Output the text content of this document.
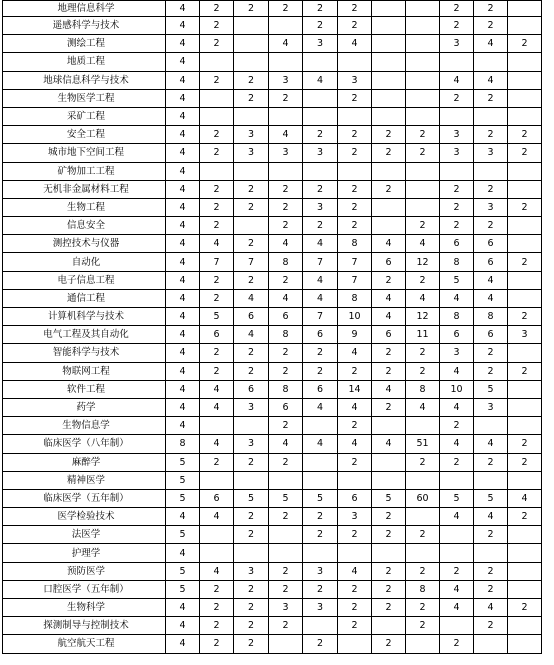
地理信息科学	4	2	2	2	2	2			2	2	
遥感科学与技术	4	2			2	2			2	2	
测绘工程	4	2		4	3	4			3	4	2
地质工程	4										
地球信息科学与技术	4	2	2	3	4	3			4	4	
生物医学工程	4		2	2		2			2	2	
采矿工程	4										
安全工程	4	2	3	4	2	2	2	2	3	2	2
城市地下空间工程	4	2	3	3	3	2	2	2	3	3	2
矿物加工工程	4										
无机非金属材料工程	4	2	2	2	2	2	2		2	2	
生物工程	4	2	2	2	3	2			2	3	2
信息安全	4	2		2	2	2		2	2	2	
测控技术与仪器	4	4	2	4	4	8	4	4	6	6	
自动化	4	7	7	8	7	7	6	12	8	6	2
电子信息工程	4	2	2	2	4	7	2	2	5	4	
通信工程	4	2	4	4	4	8	4	4	4	4	
计算机科学与技术	4	5	6	6	7	10	4	12	8	8	2
电气工程及其自动化	4	6	4	8	6	9	6	11	6	6	3
智能科学与技术	4	2	2	2	2	4	2	2	3	2	
物联网工程	4	2	2	2	2	2	2	2	4	2	2
软件工程	4	4	6	8	6	14	4	8	10	5	
药学	4	4	3	6	4	4	2	4	4	3	
生物信息学	4			2		2			2		
临床医学（八年制）	8	4	3	4	4	4	4	51	4	4	2
麻醉学	5	2	2	2		2		2	2	2	2
精神医学	5										
临床医学（五年制）	5	6	5	5	5	6	5	60	5	5	4
医学检验技术	4	4	2	2	2	3	2		4	4	2
法医学	5		2		2	2	2	2		2	
护理学	4										
预防医学	5	4	3	2	3	4	2	2	2	2	
口腔医学（五年制）	5	2	2	2	2	2	2	8	4	2	
生物科学	4	2	2	3	3	2	2	2	4	4	2
探测制导与控制技术	4	2	2	2		2		2		2	
航空航天工程	4	2	2		2		2		2		
